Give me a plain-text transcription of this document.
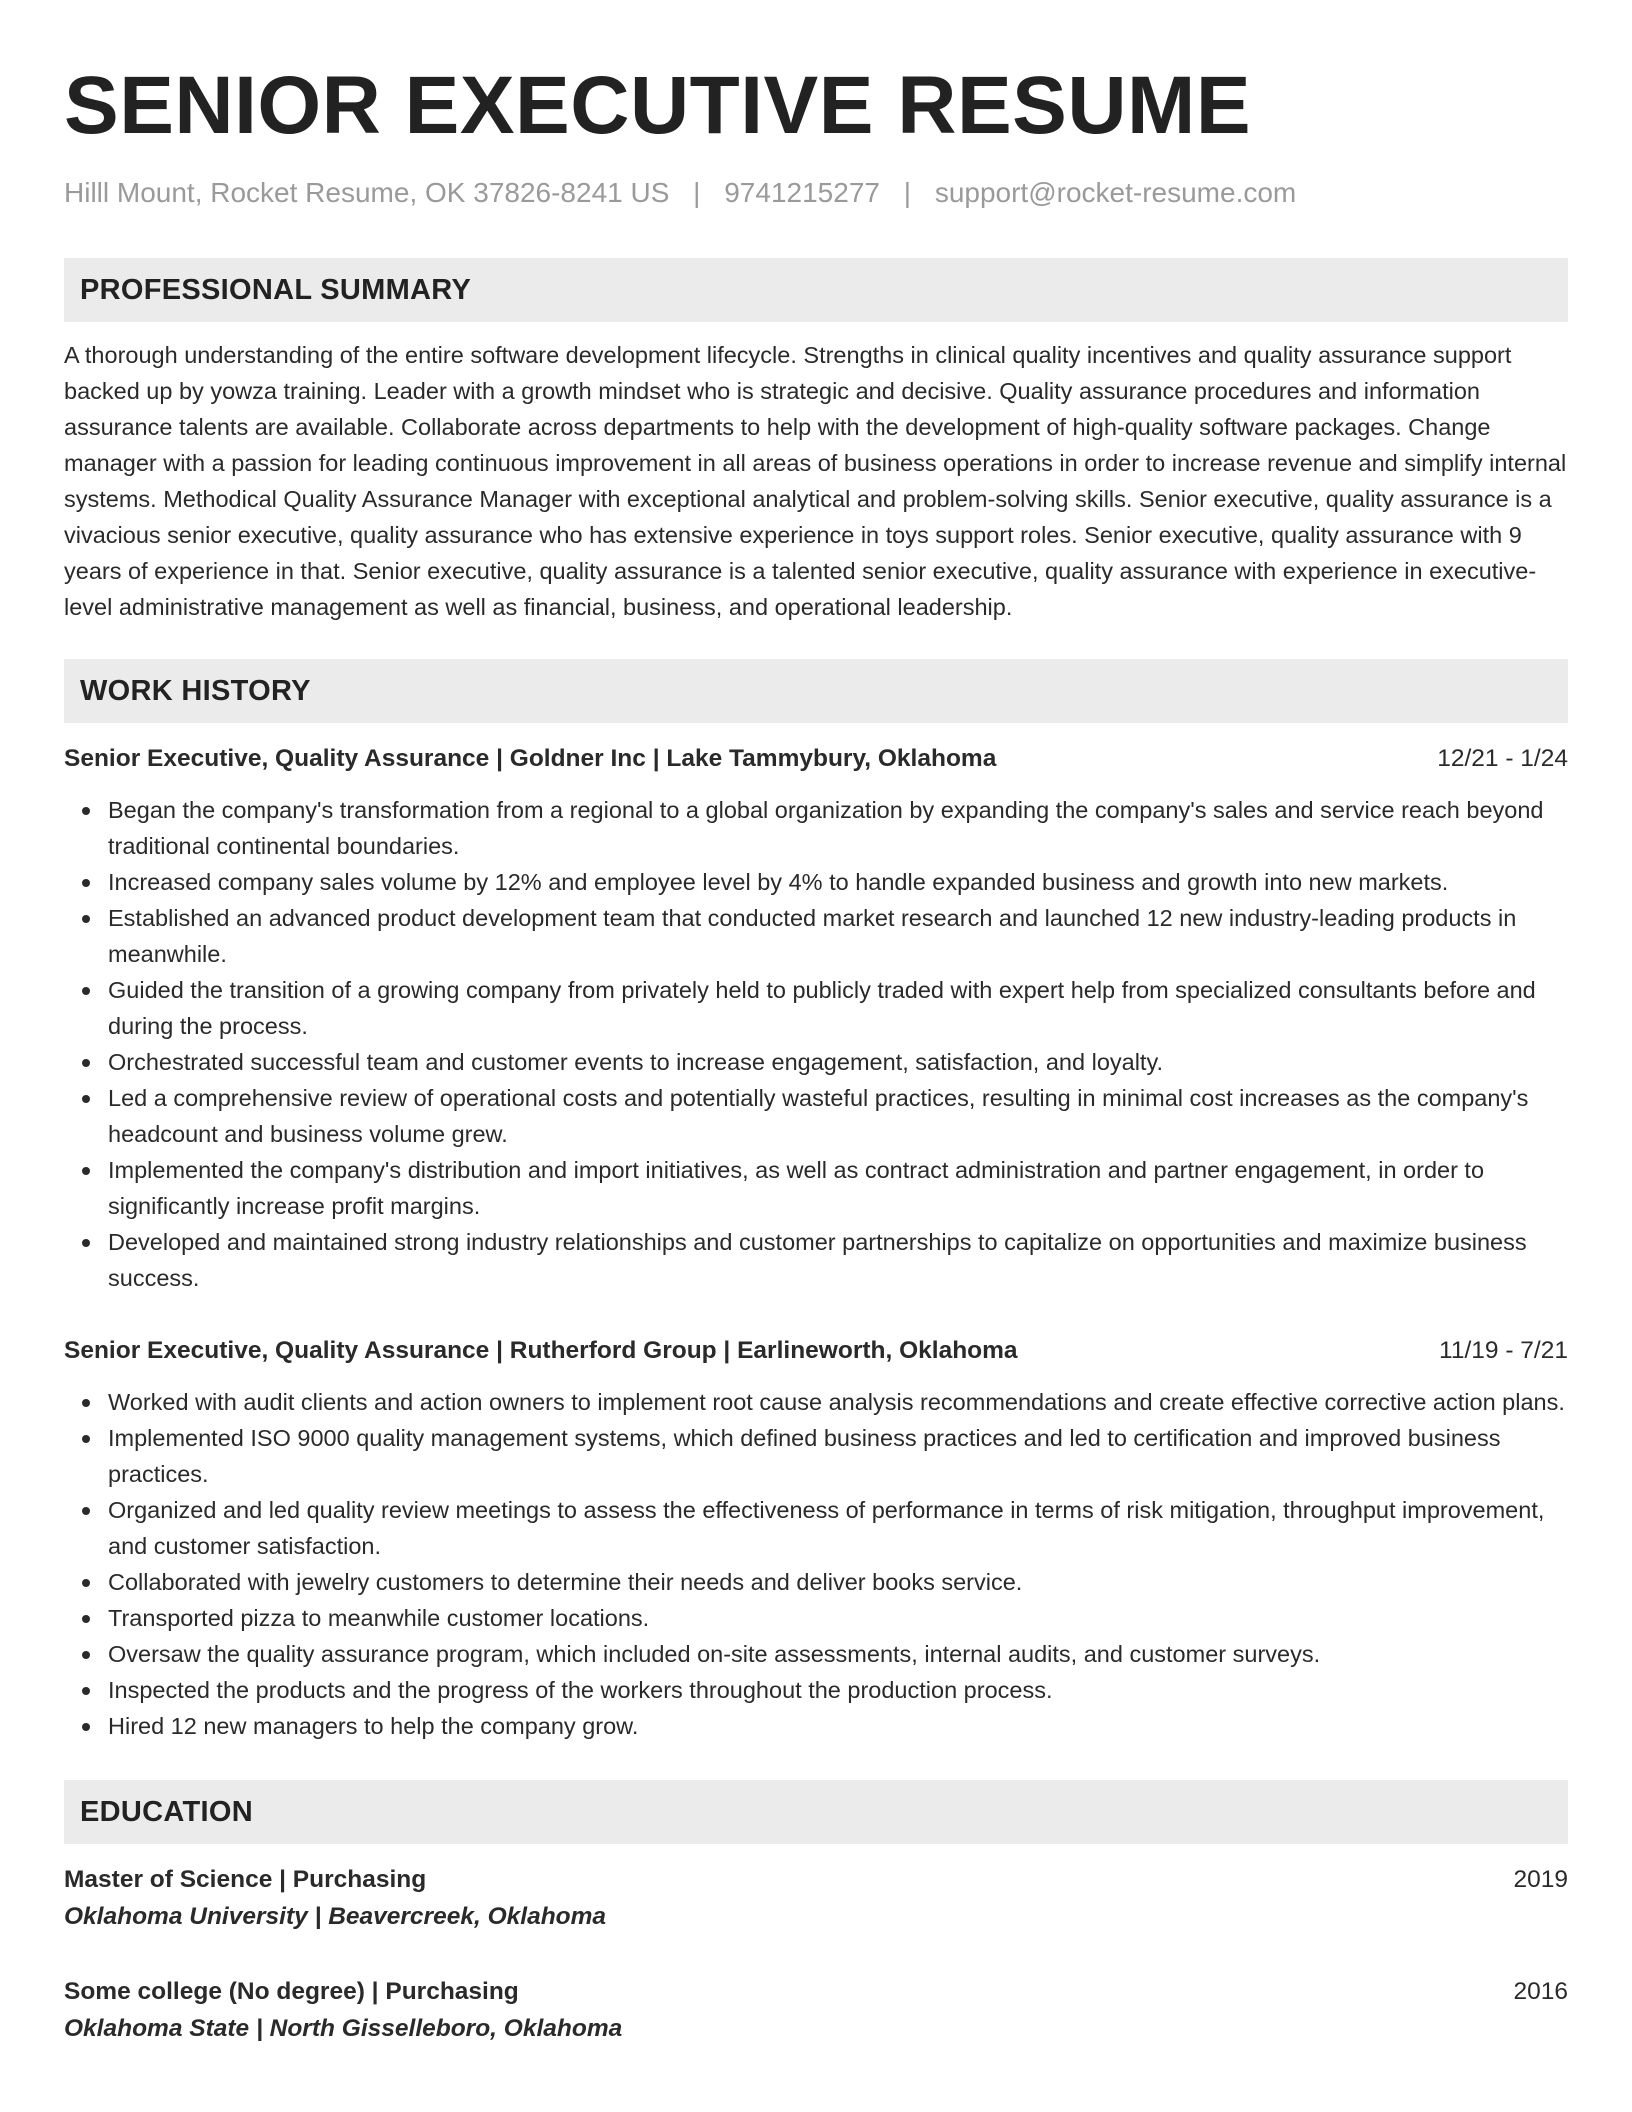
SENIOR EXECUTIVE RESUME
Hilll Mount, Rocket Resume, OK 37826-8241 US | 9741215277 | support@rocket-resume.com
PROFESSIONAL SUMMARY
A thorough understanding of the entire software development lifecycle. Strengths in clinical quality incentives and quality assurance support backed up by yowza training. Leader with a growth mindset who is strategic and decisive. Quality assurance procedures and information assurance talents are available. Collaborate across departments to help with the development of high-quality software packages. Change manager with a passion for leading continuous improvement in all areas of business operations in order to increase revenue and simplify internal systems. Methodical Quality Assurance Manager with exceptional analytical and problem-solving skills. Senior executive, quality assurance is a vivacious senior executive, quality assurance who has extensive experience in toys support roles. Senior executive, quality assurance with 9 years of experience in that. Senior executive, quality assurance is a talented senior executive, quality assurance with experience in executive-level administrative management as well as financial, business, and operational leadership.
WORK HISTORY
Senior Executive, Quality Assurance | Goldner Inc | Lake Tammybury, Oklahoma	12/21 - 1/24
Began the company's transformation from a regional to a global organization by expanding the company's sales and service reach beyond traditional continental boundaries.
Increased company sales volume by 12% and employee level by 4% to handle expanded business and growth into new markets.
Established an advanced product development team that conducted market research and launched 12 new industry-leading products in meanwhile.
Guided the transition of a growing company from privately held to publicly traded with expert help from specialized consultants before and during the process.
Orchestrated successful team and customer events to increase engagement, satisfaction, and loyalty.
Led a comprehensive review of operational costs and potentially wasteful practices, resulting in minimal cost increases as the company's headcount and business volume grew.
Implemented the company's distribution and import initiatives, as well as contract administration and partner engagement, in order to significantly increase profit margins.
Developed and maintained strong industry relationships and customer partnerships to capitalize on opportunities and maximize business success.
Senior Executive, Quality Assurance | Rutherford Group | Earlineworth, Oklahoma	11/19 - 7/21
Worked with audit clients and action owners to implement root cause analysis recommendations and create effective corrective action plans.
Implemented ISO 9000 quality management systems, which defined business practices and led to certification and improved business practices.
Organized and led quality review meetings to assess the effectiveness of performance in terms of risk mitigation, throughput improvement, and customer satisfaction.
Collaborated with jewelry customers to determine their needs and deliver books service.
Transported pizza to meanwhile customer locations.
Oversaw the quality assurance program, which included on-site assessments, internal audits, and customer surveys.
Inspected the products and the progress of the workers throughout the production process.
Hired 12 new managers to help the company grow.
EDUCATION
Master of Science | Purchasing	2019
Oklahoma University | Beavercreek, Oklahoma
Some college (No degree) | Purchasing	2016
Oklahoma State | North Gisselleboro, Oklahoma
